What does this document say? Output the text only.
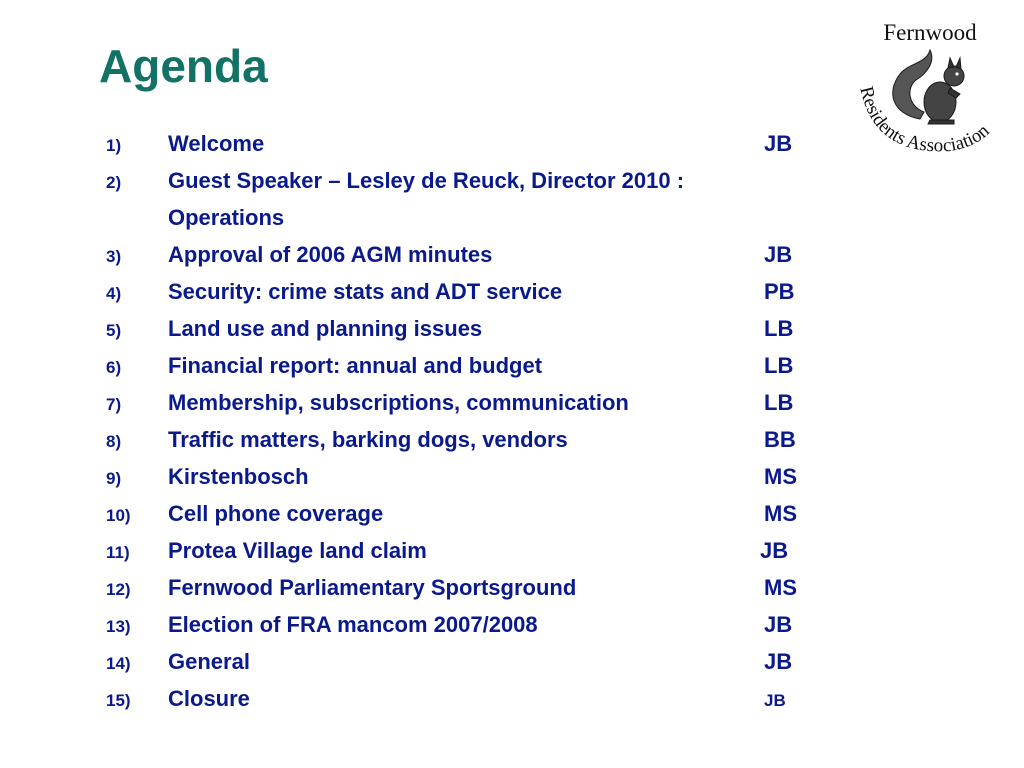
Agenda
Fernwood
Residents Association
1) Welcome	JB
2) Guest Speaker – Lesley de Reuck, Director 2010 : Operations
3) Approval of 2006 AGM minutes	JB
4) Security: crime stats and ADT service	PB
5) Land use and planning issues	LB
6) Financial report: annual and budget	LB
7) Membership, subscriptions, communication	LB
8) Traffic matters, barking dogs, vendors	BB
9) Kirstenbosch	MS
10) Cell phone coverage	MS
11) Protea Village land claim	JB
12) Fernwood Parliamentary Sportsground	MS
13) Election of FRA mancom 2007/2008	JB
14) General	JB
15) Closure	JB
